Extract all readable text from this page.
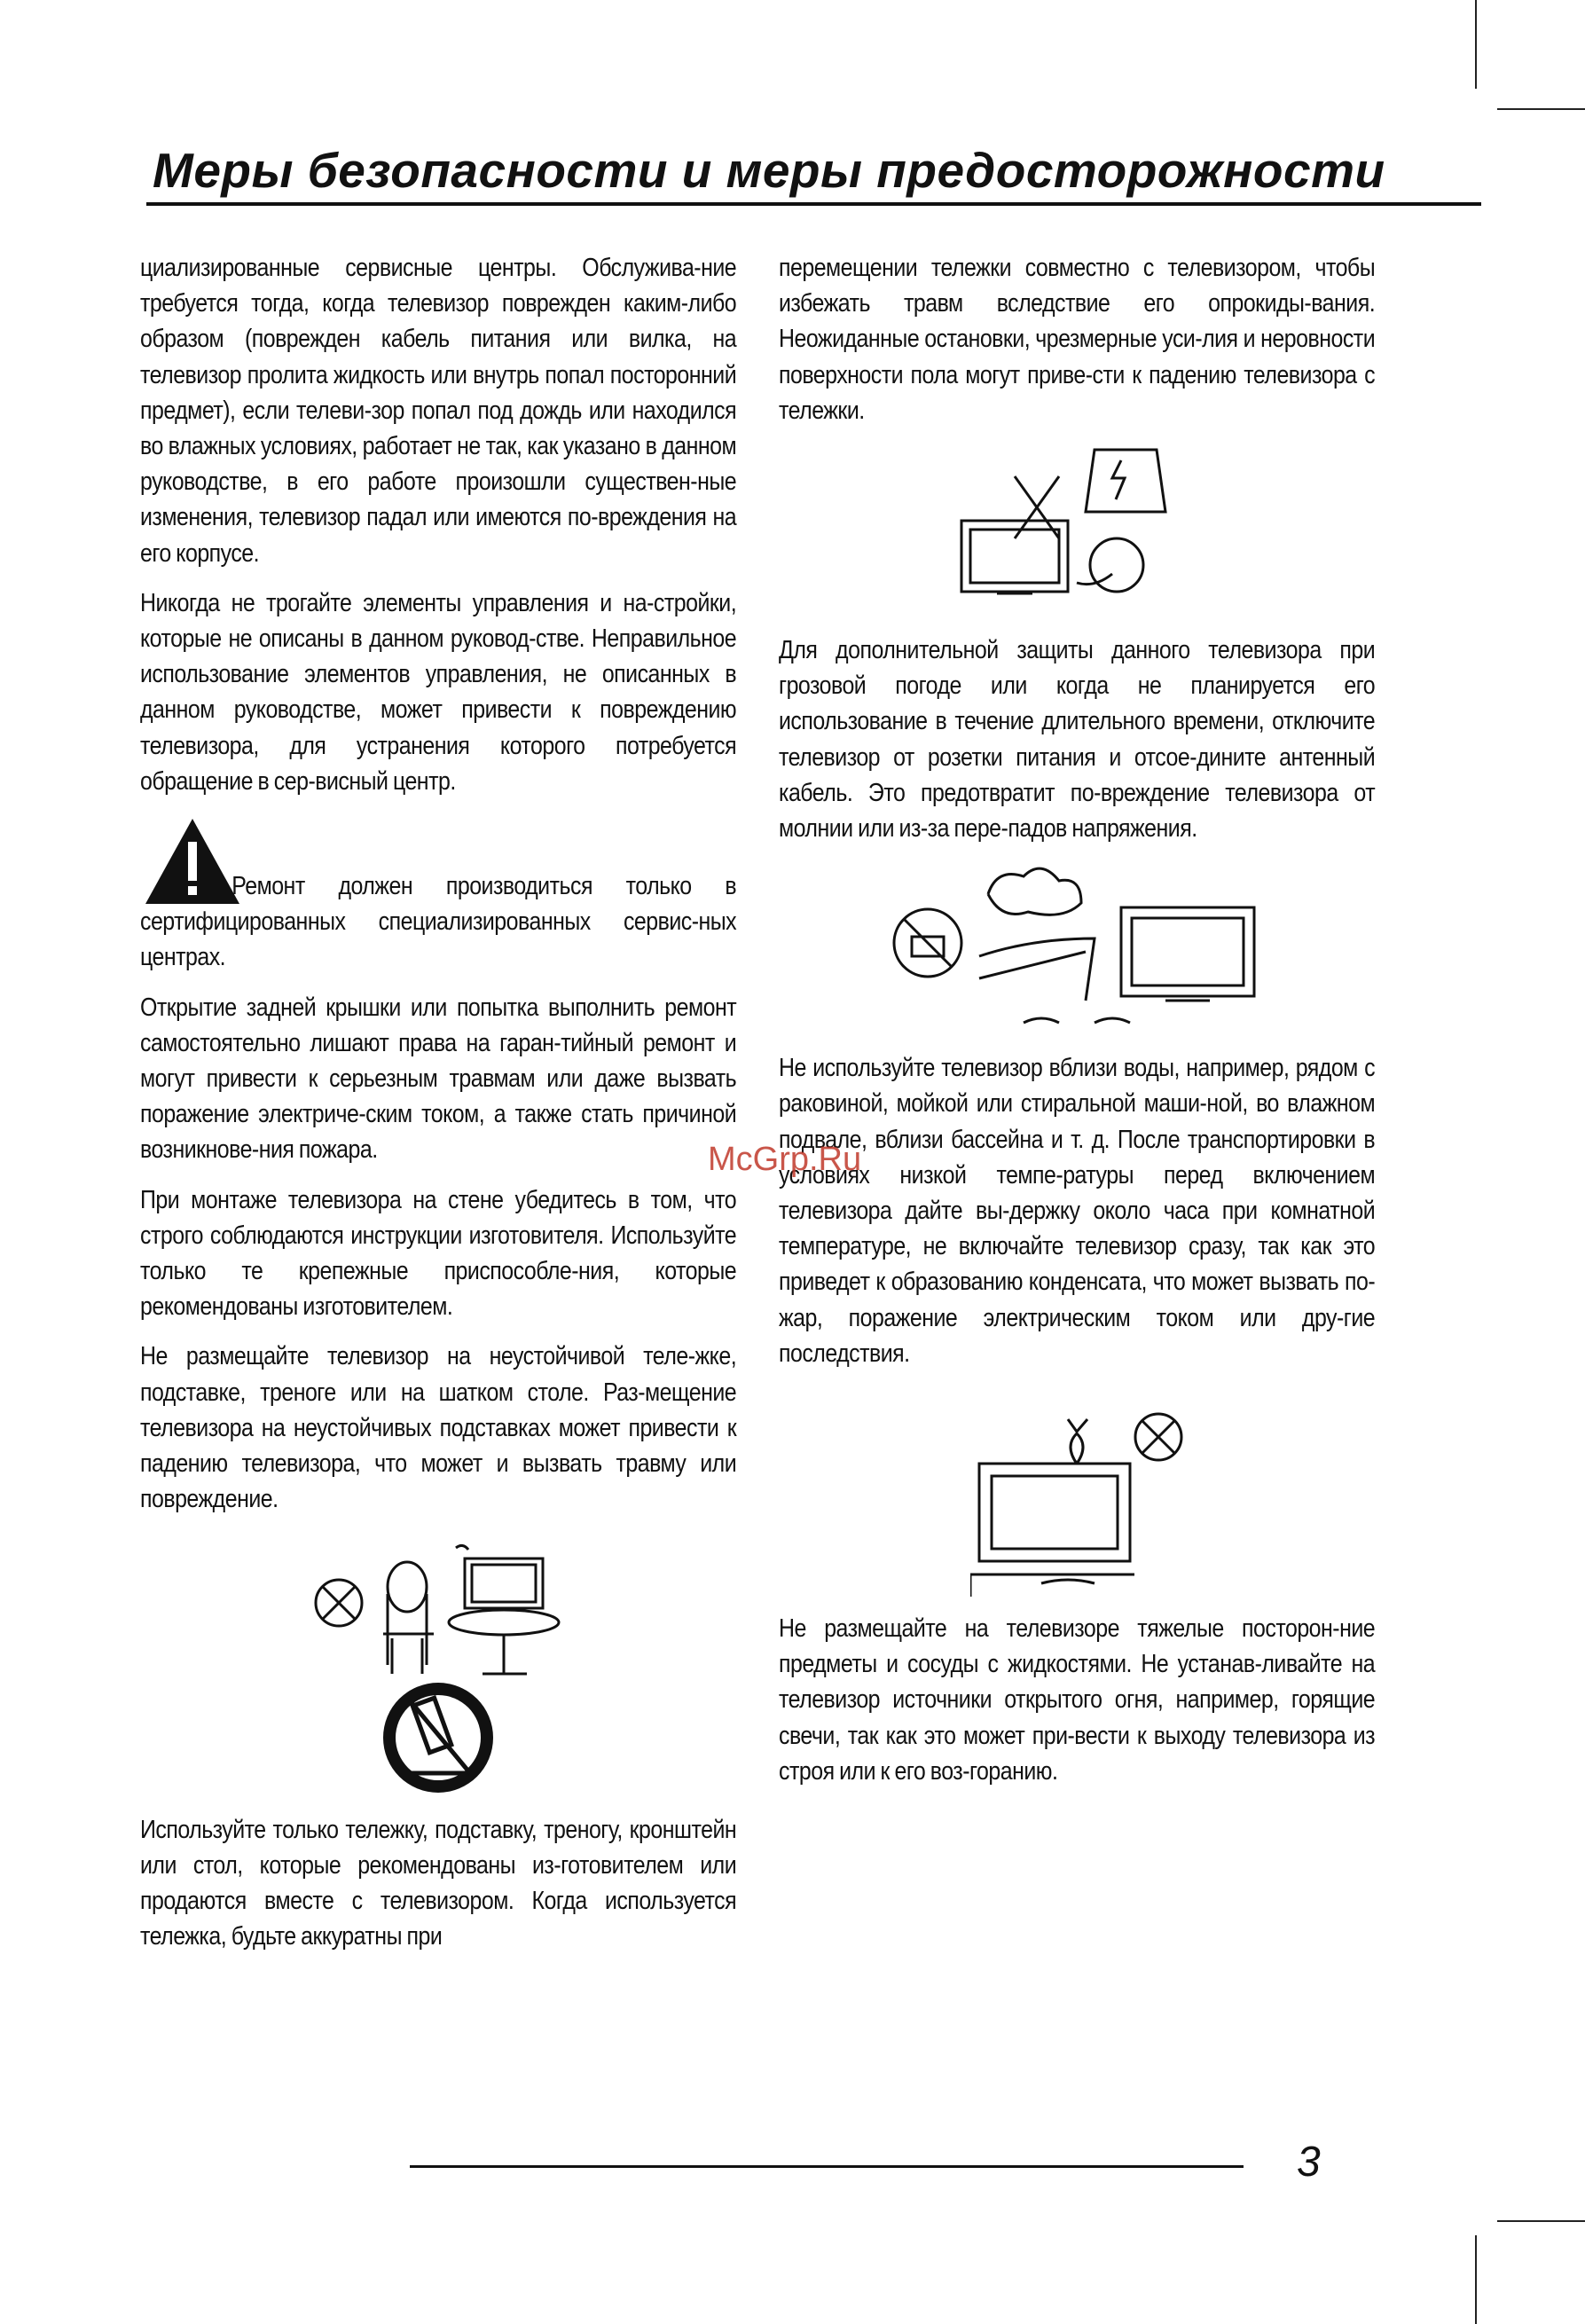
Меры безопасности и меры предосторожности

циализированные сервисные центры. Обслужива-ние требуется тогда, когда телевизор поврежден каким-либо образом (поврежден кабель питания или вилка, на телевизор пролита жидкость или внутрь попал посторонний предмет), если телеви-зор попал под дождь или находился во влажных условиях, работает не так, как указано в данном руководстве, в его работе произошли существен-ные изменения, телевизор падал или имеются по-вреждения на его корпусе.

Никогда не трогайте элементы управления и на-стройки, которые не описаны в данном руковод-стве. Неправильное использование элементов управления, не описанных в данном руководстве, может привести к повреждению телевизора, для устранения которого потребуется обращение в сер-висный центр.

Ремонт должен производиться только в сертифицированных специализированных сервис-ных центрах.

Открытие задней крышки или попытка выполнить ремонт самостоятельно лишают права на гаран-тийный ремонт и могут привести к серьезным травмам или даже вызвать поражение электриче-ским током, а также стать причиной возникнове-ния пожара.

При монтаже телевизора на стене убедитесь в том, что строго соблюдаются инструкции изготовителя. Используйте только те крепежные приспособле-ния, которые рекомендованы изготовителем.

Не размещайте телевизор на неустойчивой теле-жке, подставке, треноге или на шатком столе. Раз-мещение телевизора на неустойчивых подставках может привести к падению телевизора, что может и вызвать травму или повреждение.

Используйте только тележку, подставку, треногу, кронштейн или стол, которые рекомендованы из-готовителем или продаются вместе с телевизором. Когда используется тележка, будьте аккуратны при

перемещении тележки совместно с телевизором, чтобы избежать травм вследствие его опрокиды-вания. Неожиданные остановки, чрезмерные уси-лия и неровности поверхности пола могут приве-сти к падению телевизора с тележки.

Для дополнительной защиты данного телевизора при грозовой погоде или когда не планируется его использование в течение длительного времени, отключите телевизор от розетки питания и отсое-дините антенный кабель. Это предотвратит по-вреждение телевизора от молнии или из-за пере-падов напряжения.

Не используйте телевизор вблизи воды, например, рядом с раковиной, мойкой или стиральной маши-ной, во влажном подвале, вблизи бассейна и т. д. После транспортировки в условиях низкой темпе-ратуры перед включением телевизора дайте вы-держку около часа при комнатной температуре, не включайте телевизор сразу, так как это приведет к образованию конденсата, что может вызвать по-жар, поражение электрическим током или дру-гие последствия.

Не размещайте на телевизоре тяжелые посторон-ние предметы и сосуды с жидкостями. Не устанав-ливайте на телевизор источники открытого огня, например, горящие свечи, так как это может при-вести к выходу телевизора из строя или к его воз-горанию.

McGrp.Ru
3
